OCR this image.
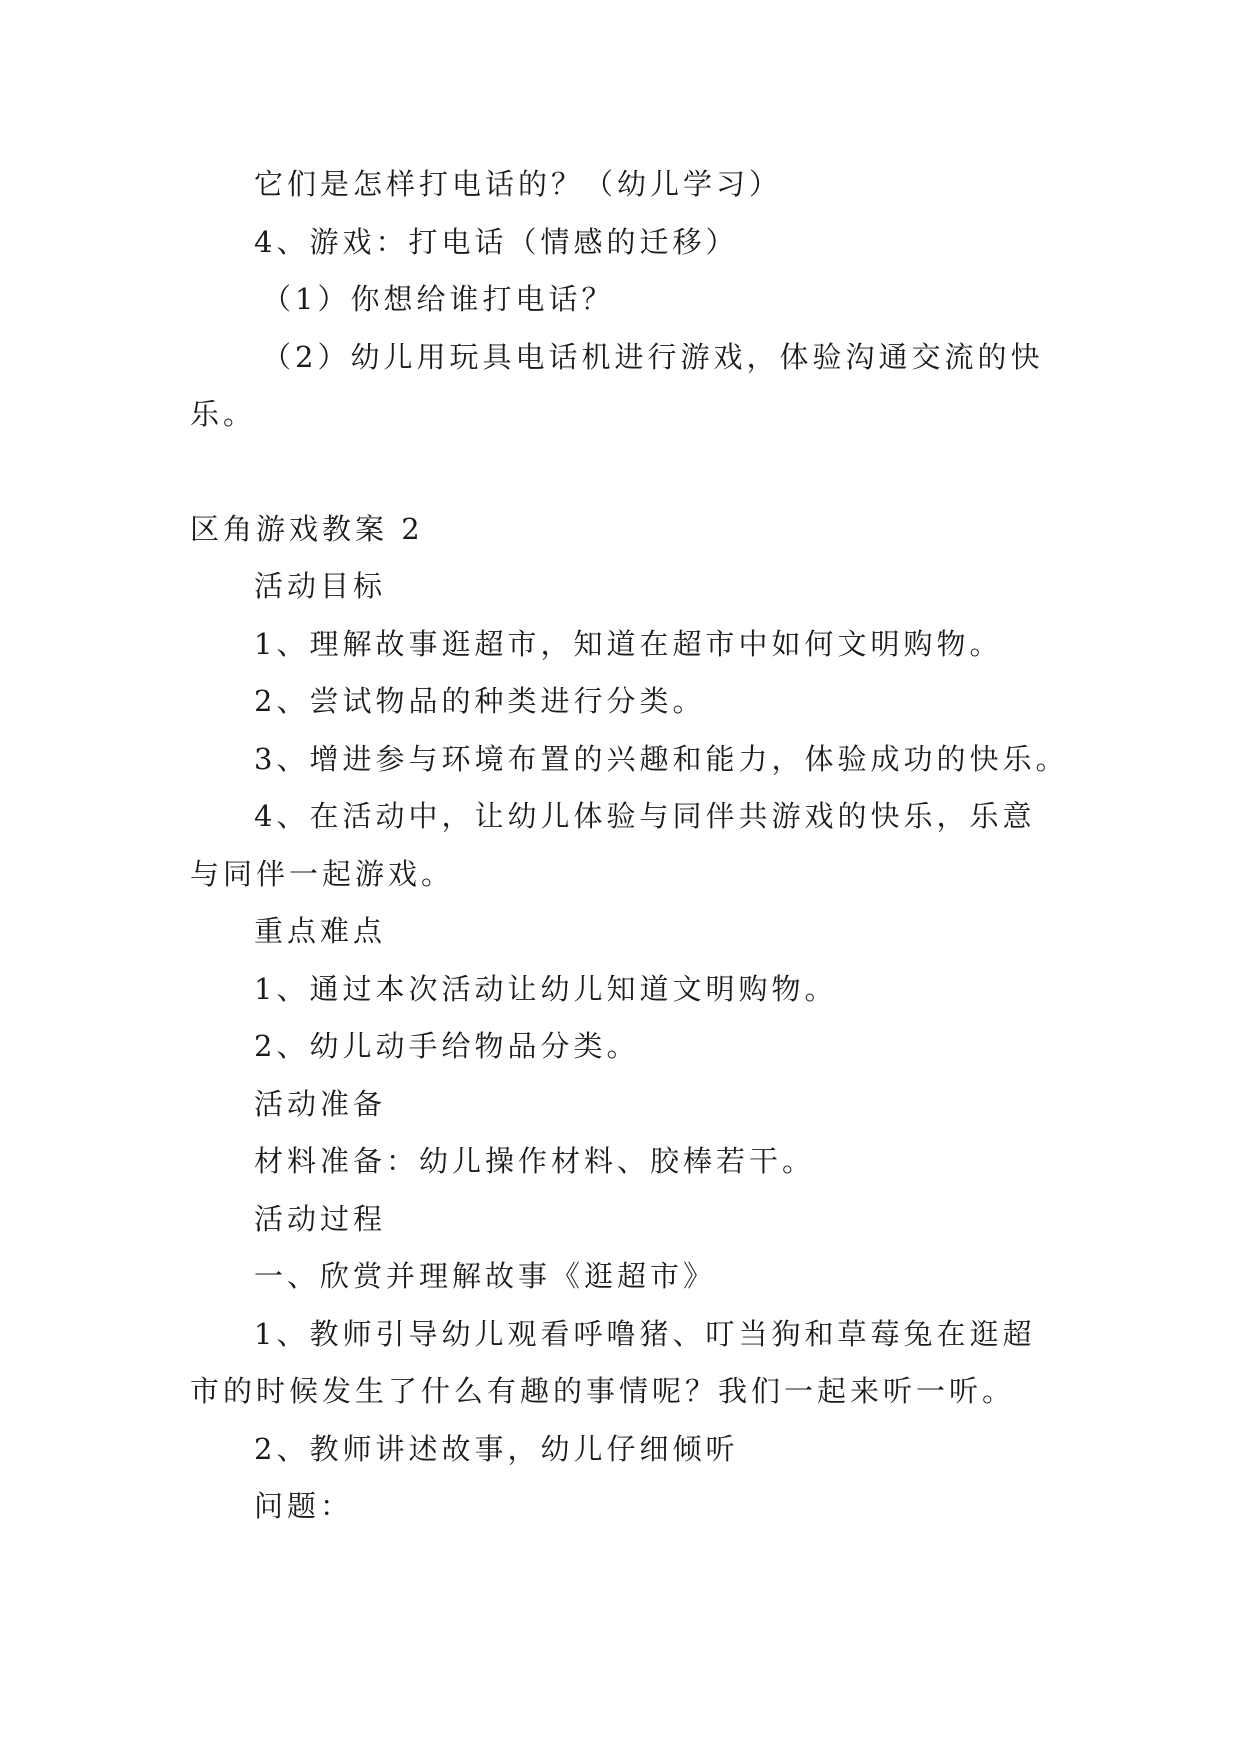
它们是怎样打电话的？（幼儿学习）
4、游戏：打电话（情感的迁移）
（1）你想给谁打电话？
（2）幼儿用玩具电话机进行游戏，体验沟通交流的快
乐。
区角游戏教案 2
活动目标
1、理解故事逛超市，知道在超市中如何文明购物。
2、尝试物品的种类进行分类。
3、增进参与环境布置的兴趣和能力，体验成功的快乐。
4、在活动中，让幼儿体验与同伴共游戏的快乐，乐意
与同伴一起游戏。
重点难点
1、通过本次活动让幼儿知道文明购物。
2、幼儿动手给物品分类。
活动准备
材料准备：幼儿操作材料、胶棒若干。
活动过程
一、欣赏并理解故事《逛超市》
1、教师引导幼儿观看呼噜猪、叮当狗和草莓兔在逛超
市的时候发生了什么有趣的事情呢？我们一起来听一听。
2、教师讲述故事，幼儿仔细倾听
问题：
